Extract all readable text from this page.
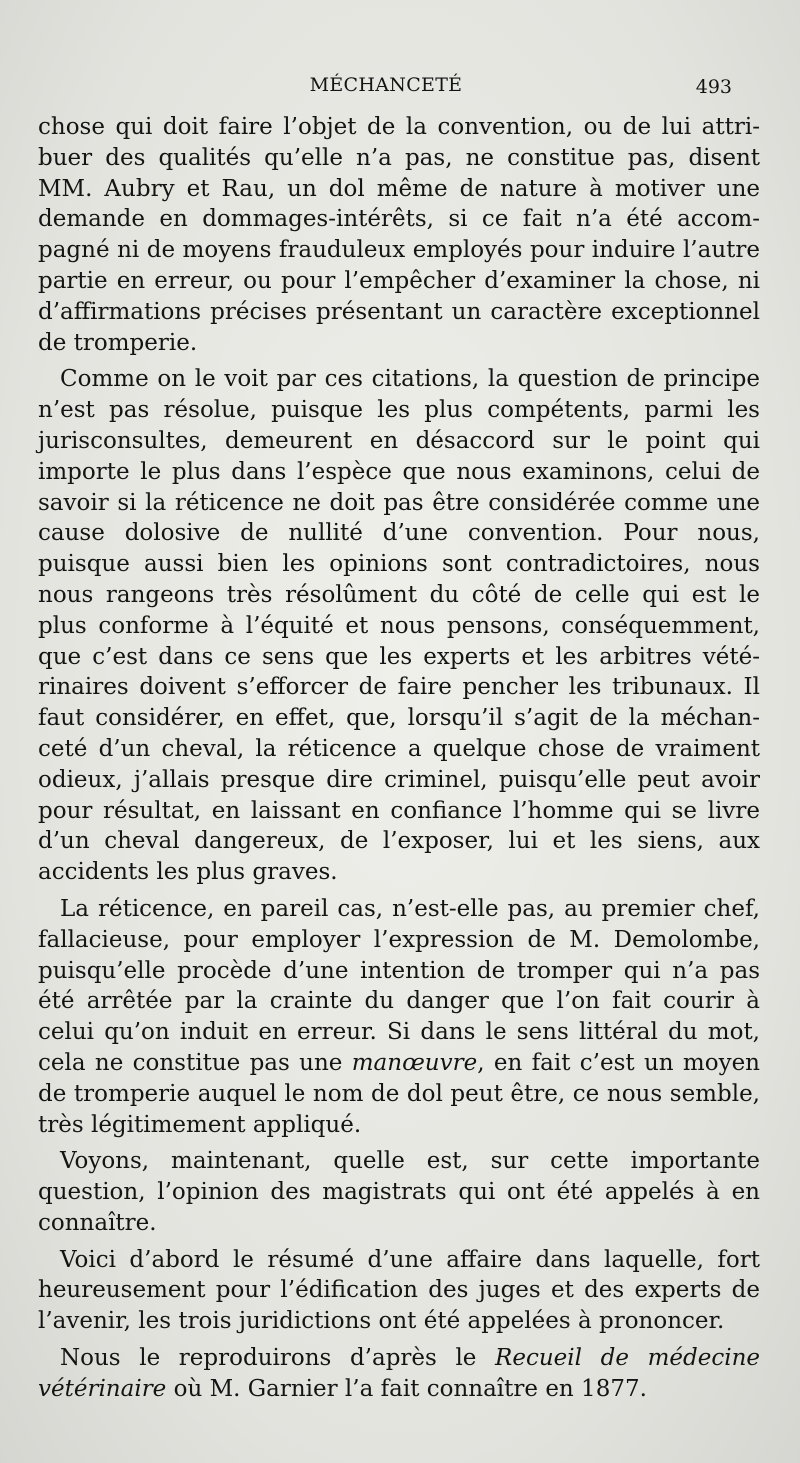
MÉCHANCETÉ	493

chose qui doit faire l’objet de la convention, ou de lui attribuer des qualités qu’elle n’a pas, ne constitue pas, disent MM. Aubry et Rau, un dol même de nature à motiver une demande en dommages-intérêts, si ce fait n’a été accompagné ni de moyens frauduleux employés pour induire l’autre partie en erreur, ou pour l’empêcher d’examiner la chose, ni d’affirmations précises présentant un caractère exceptionnel de tromperie.

Comme on le voit par ces citations, la question de principe n’est pas résolue, puisque les plus compétents, parmi les jurisconsultes, demeurent en désaccord sur le point qui importe le plus dans l’espèce que nous examinons, celui de savoir si la réticence ne doit pas être considérée comme une cause dolosive de nullité d’une convention. Pour nous, puisque aussi bien les opinions sont contradictoires, nous nous rangeons très résolûment du côté de celle qui est le plus conforme à l’équité et nous pensons, conséquemment, que c’est dans ce sens que les experts et les arbitres vétérinaires doivent s’efforcer de faire pencher les tribunaux. Il faut considérer, en effet, que, lorsqu’il s’agit de la méchanceté d’un cheval, la réticence a quelque chose de vraiment odieux, j’allais presque dire criminel, puisqu’elle peut avoir pour résultat, en laissant en confiance l’homme qui se livre d’un cheval dangereux, de l’exposer, lui et les siens, aux accidents les plus graves.

La réticence, en pareil cas, n’est-elle pas, au premier chef, fallacieuse, pour employer l’expression de M. Demolombe, puisqu’elle procède d’une intention de tromper qui n’a pas été arrêtée par la crainte du danger que l’on fait courir à celui qu’on induit en erreur. Si dans le sens littéral du mot, cela ne constitue pas une manœuvre, en fait c’est un moyen de tromperie auquel le nom de dol peut être, ce nous semble, très légitimement appliqué.

Voyons, maintenant, quelle est, sur cette importante question, l’opinion des magistrats qui ont été appelés à en connaître.

Voici d’abord le résumé d’une affaire dans laquelle, fort heureusement pour l’édification des juges et des experts de l’avenir, les trois juridictions ont été appelées à prononcer.

Nous le reproduirons d’après le Recueil de médecine vétérinaire où M. Garnier l’a fait connaître en 1877.
